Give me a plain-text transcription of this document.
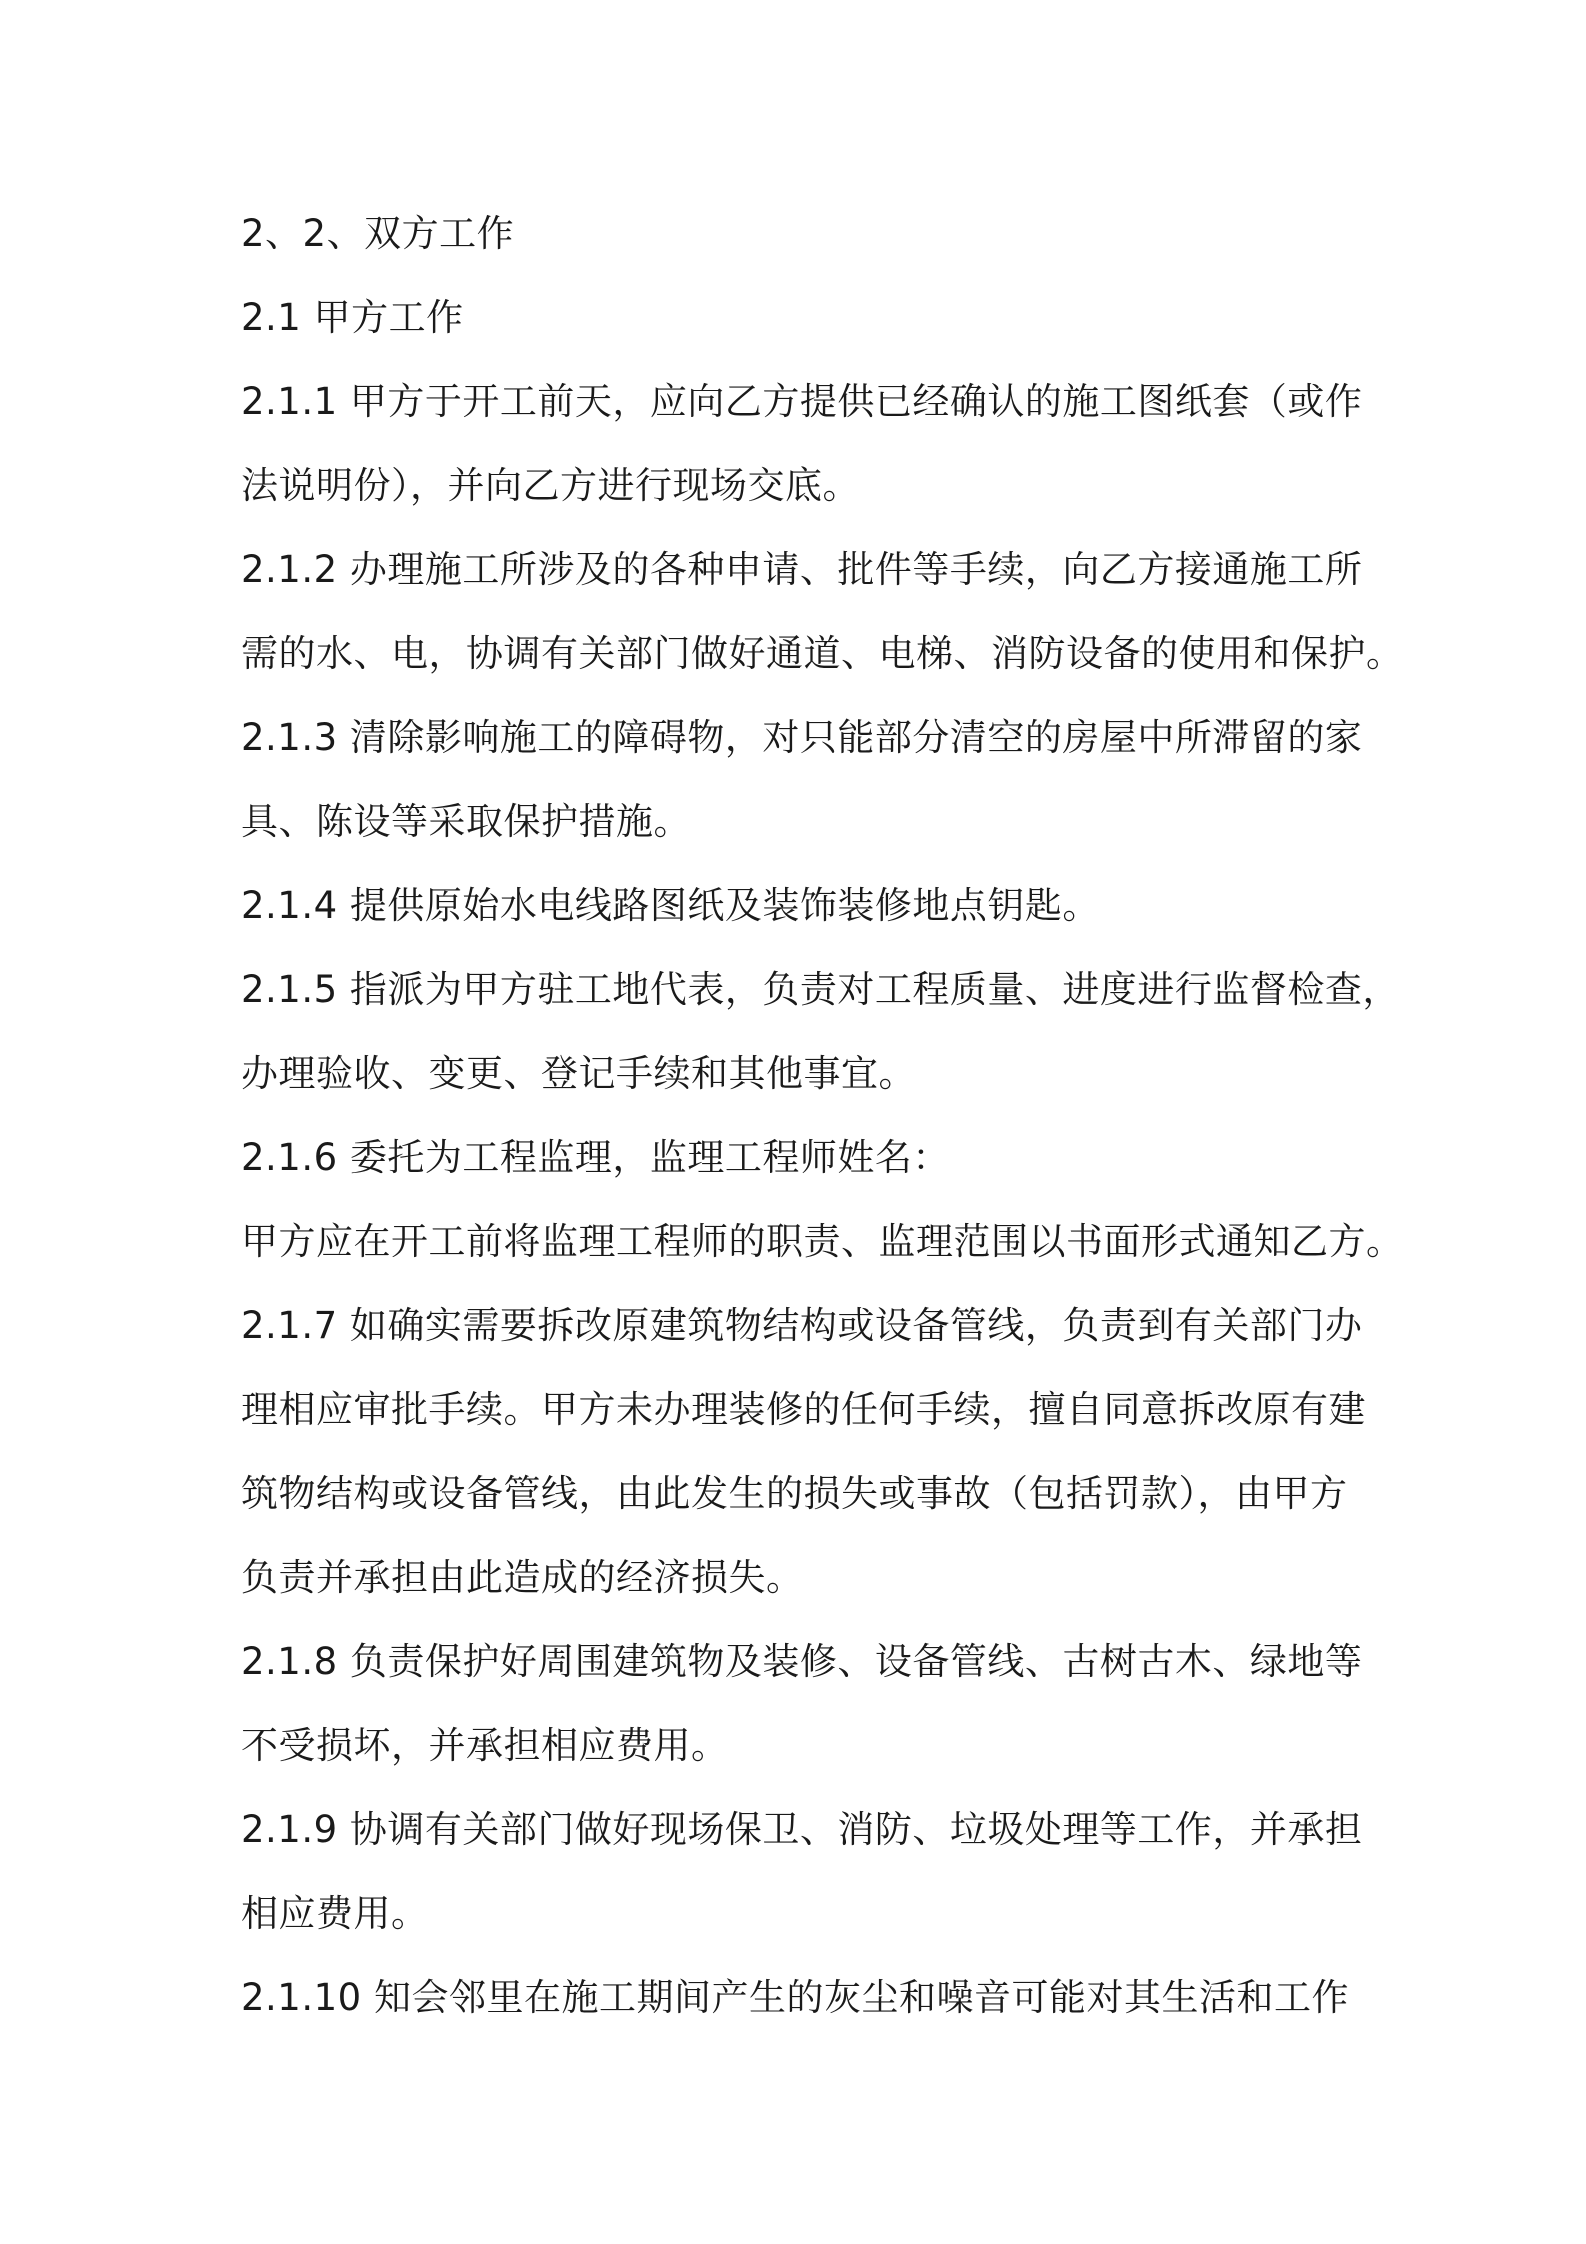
2、2、双方工作
2.1 甲方工作
2.1.1 甲方于开工前天，应向乙方提供已经确认的施工图纸套（或作
法说明份），并向乙方进行现场交底。
2.1.2 办理施工所涉及的各种申请、批件等手续，向乙方接通施工所
需的水、电，协调有关部门做好通道、电梯、消防设备的使用和保护。
2.1.3 清除影响施工的障碍物，对只能部分清空的房屋中所滞留的家
具、陈设等采取保护措施。
2.1.4 提供原始水电线路图纸及装饰装修地点钥匙。
2.1.5 指派为甲方驻工地代表，负责对工程质量、进度进行监督检查，
办理验收、变更、登记手续和其他事宜。
2.1.6 委托为工程监理，监理工程师姓名：
甲方应在开工前将监理工程师的职责、监理范围以书面形式通知乙方。
2.1.7 如确实需要拆改原建筑物结构或设备管线，负责到有关部门办
理相应审批手续。甲方未办理装修的任何手续，擅自同意拆改原有建
筑物结构或设备管线，由此发生的损失或事故（包括罚款），由甲方
负责并承担由此造成的经济损失。
2.1.8 负责保护好周围建筑物及装修、设备管线、古树古木、绿地等
不受损坏，并承担相应费用。
2.1.9 协调有关部门做好现场保卫、消防、垃圾处理等工作，并承担
相应费用。
2.1.10 知会邻里在施工期间产生的灰尘和噪音可能对其生活和工作
